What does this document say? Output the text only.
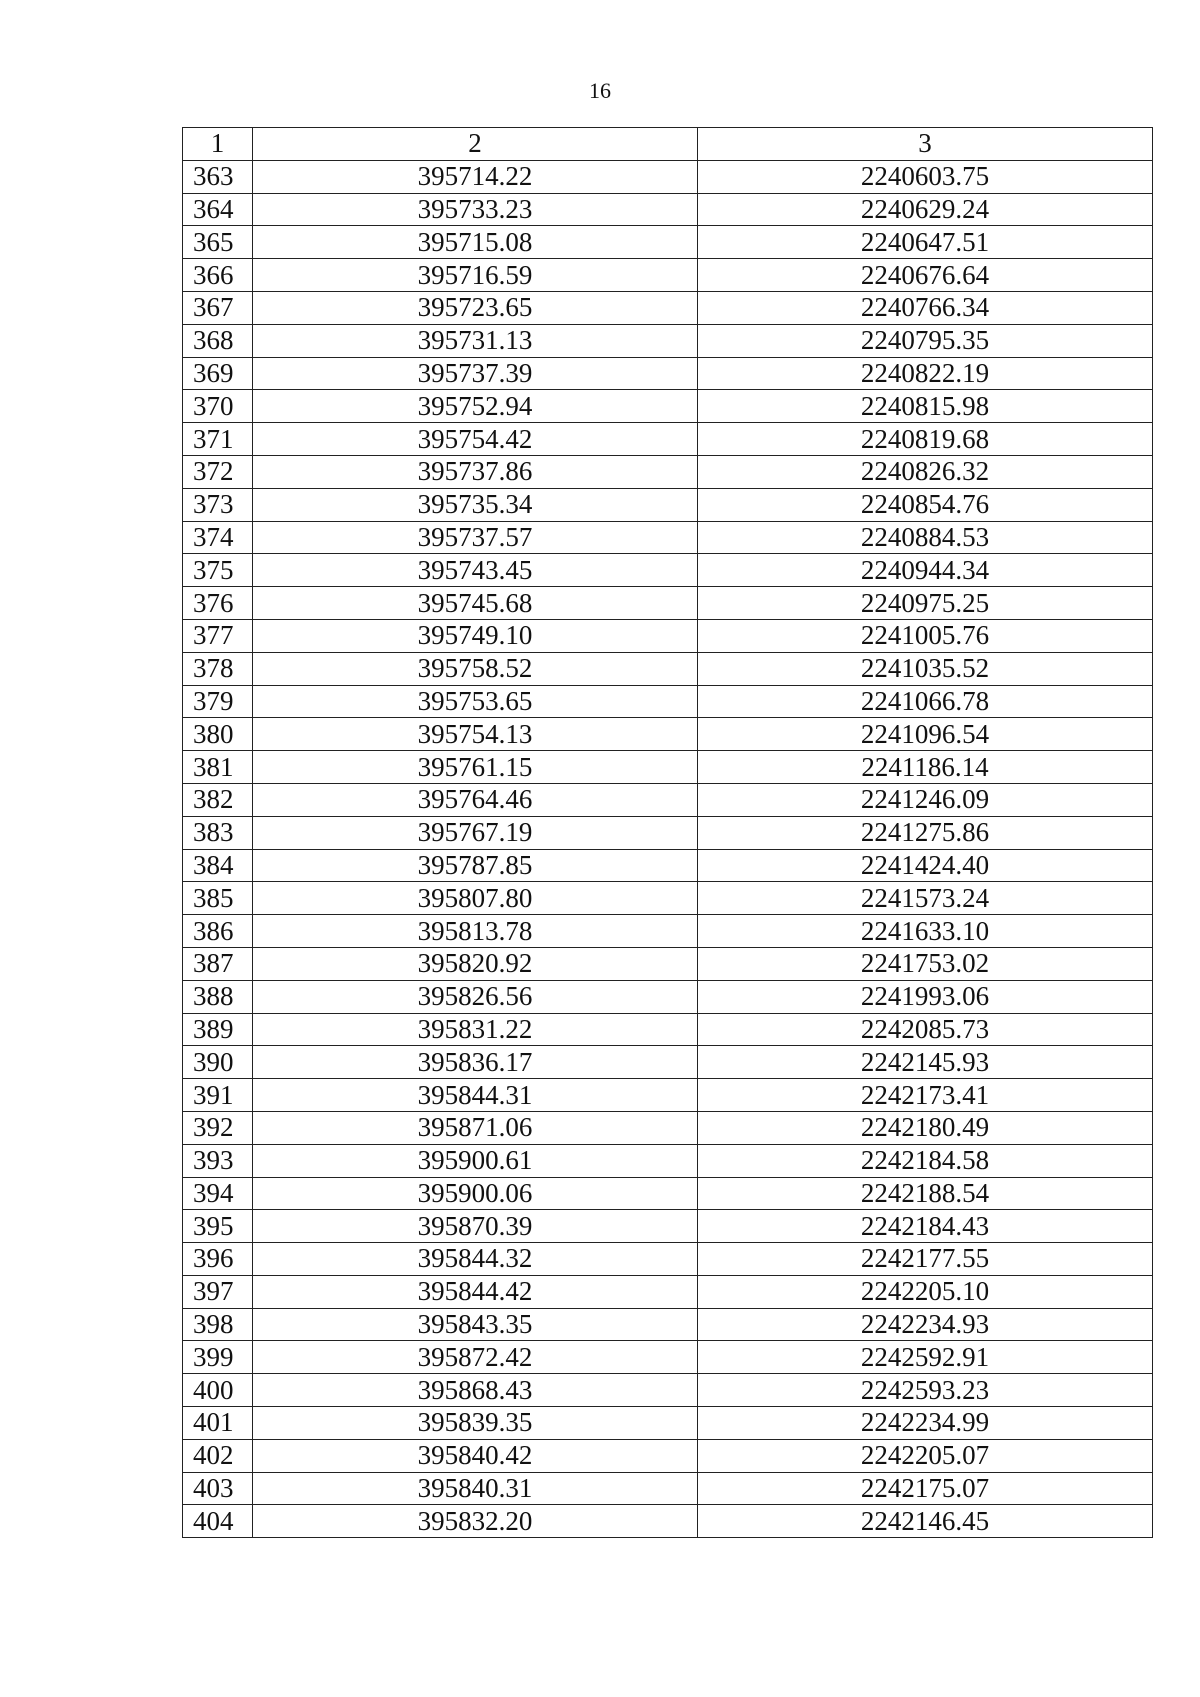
16
1	2	3
363	395714.22	2240603.75
364	395733.23	2240629.24
365	395715.08	2240647.51
366	395716.59	2240676.64
367	395723.65	2240766.34
368	395731.13	2240795.35
369	395737.39	2240822.19
370	395752.94	2240815.98
371	395754.42	2240819.68
372	395737.86	2240826.32
373	395735.34	2240854.76
374	395737.57	2240884.53
375	395743.45	2240944.34
376	395745.68	2240975.25
377	395749.10	2241005.76
378	395758.52	2241035.52
379	395753.65	2241066.78
380	395754.13	2241096.54
381	395761.15	2241186.14
382	395764.46	2241246.09
383	395767.19	2241275.86
384	395787.85	2241424.40
385	395807.80	2241573.24
386	395813.78	2241633.10
387	395820.92	2241753.02
388	395826.56	2241993.06
389	395831.22	2242085.73
390	395836.17	2242145.93
391	395844.31	2242173.41
392	395871.06	2242180.49
393	395900.61	2242184.58
394	395900.06	2242188.54
395	395870.39	2242184.43
396	395844.32	2242177.55
397	395844.42	2242205.10
398	395843.35	2242234.93
399	395872.42	2242592.91
400	395868.43	2242593.23
401	395839.35	2242234.99
402	395840.42	2242205.07
403	395840.31	2242175.07
404	395832.20	2242146.45
